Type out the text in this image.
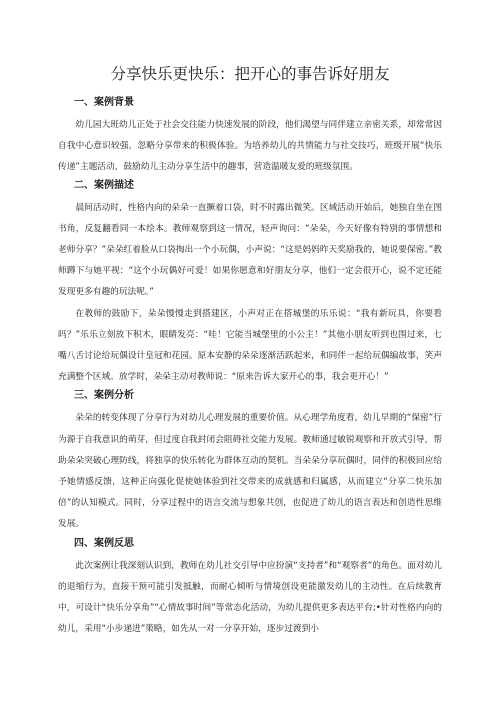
分享快乐更快乐：把开心的事告诉好朋友
一、案例背景

幼儿园大班幼儿正处于社会交往能力快速发展的阶段，他们渴望与同伴建立亲密关系，却常常因自我中心意识较强，忽略分享带来的积极体验。为培养幼儿的共情能力与社交技巧，班级开展“快乐传递”主题活动，鼓励幼儿主动分享生活中的趣事，营造温暖友爱的班级氛围。

二、案例描述

晨间活动时，性格内向的朵朵一直撅着口袋，时不时露出微笑。区域活动开始后，她独自坐在图书角，反复翻看同一本绘本。教师观察到这一情况，轻声询问：“朵朵，今天好像有特别的事情想和老师分享？”朵朵红着脸从口袋掏出一个小玩偶，小声说：“这是妈妈昨天奖励我的，她说要保密。”教师蹲下与她平视：“这个小玩偶好可爱！如果你愿意和好朋友分享，他们一定会很开心，说不定还能发现更多有趣的玩法呢。”

在教师的鼓励下，朵朵慢慢走到搭建区，小声对正在搭城堡的乐乐说：“我有新玩具，你要看吗？”乐乐立刻放下积木，眼睛发亮：“哇！它能当城堡里的小公主！”其他小朋友听到也围过来，七嘴八舌讨论给玩偶设计皇冠和花园。原本安静的朵朵逐渐活跃起来，和同伴一起给玩偶编故事，笑声充满整个区域。放学时，朵朵主动对教师说：“原来告诉大家开心的事，我会更开心！”

三、案例分析

朵朵的转变体现了分享行为对幼儿心理发展的重要价值。从心理学角度看，幼儿早期的“保密”行为源于自我意识的萌芽，但过度自我封闭会阻碍社交能力发展。教师通过敏锐观察和开放式引导，帮助朵朵突破心理防线，将独享的快乐转化为群体互动的契机。当朵朵分享玩偶时，同伴的积极回应给予她情感反馈，这种正向强化促使她体验到社交带来的成就感和归属感，从而建立“分享二快乐加倍”的认知模式。同时，分享过程中的语言交流与想象共创，也促进了幼儿的语言表达和创造性思维发展。

四、案例反思

此次案例让我深刻认识到，教师在幼儿社交引导中应扮演“支持者”和“观察者”的角色。面对幼儿的退缩行为，直接干预可能引发抵触，而耐心倾听与情境创设更能激发幼儿的主动性。在后续教育中，可设计“快乐分享角”“心情故事时间”等常态化活动，为幼儿提供更多表达平台;•针对性格内向的幼儿，采用“小步递进”策略，如先从一对一分享开始，逐步过渡到小
